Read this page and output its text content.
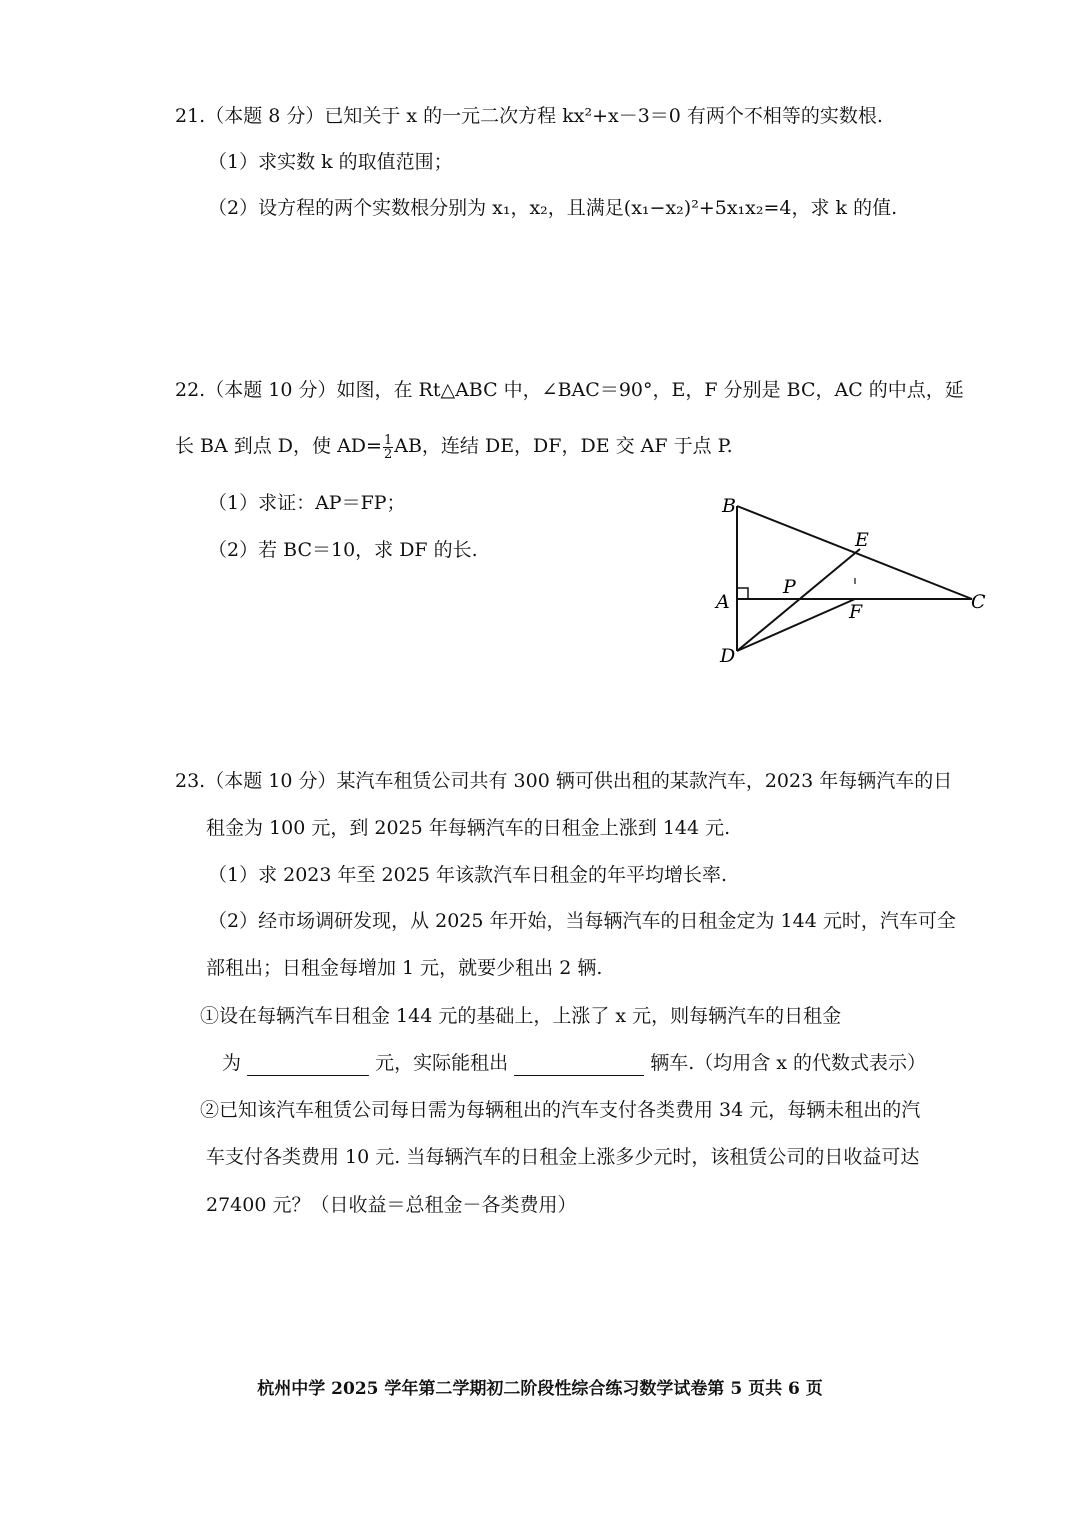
21.（本题 8 分）已知关于 x 的一元二次方程 kx²+x－3＝0 有两个不相等的实数根.
（1）求实数 k 的取值范围；
（2）设方程的两个实数根分别为 x₁，x₂，且满足(x₁−x₂)²+5x₁x₂=4，求 k 的值.
22.（本题 10 分）如图，在 Rt△ABC 中，∠BAC＝90°，E，F 分别是 BC，AC 的中点，延
长 BA 到点 D，使 $AD= \frac{1}{2}$ AB，连结 DE，DF，DE 交 AF 于点 P.
（1）求证：AP＝FP；
（2）若 BC＝10，求 DF 的长.
B
E
A
P
C
F
D
23.（本题 10 分）某汽车租赁公司共有 300 辆可供出租的某款汽车，2023 年每辆汽车的日
租金为 100 元，到 2025 年每辆汽车的日租金上涨到 144 元.
（1）求 2023 年至 2025 年该款汽车日租金的年平均增长率.
（2）经市场调研发现，从 2025 年开始，当每辆汽车的日租金定为 144 元时，汽车可全
部租出；日租金每增加 1 元，就要少租出 2 辆.
①设在每辆汽车日租金 144 元的基础上，上涨了 x 元，则每辆汽车的日租金
为	元，实际能租出	辆车.（均用含 x 的代数式表示）
②已知该汽车租赁公司每日需为每辆租出的汽车支付各类费用 34 元，每辆未租出的汽
车支付各类费用 10 元. 当每辆汽车的日租金上涨多少元时，该租赁公司的日收益可达
27400 元？（日收益＝总租金－各类费用）
杭州中学 2025 学年第二学期初二阶段性综合练习数学试卷第 5 页共 6 页
